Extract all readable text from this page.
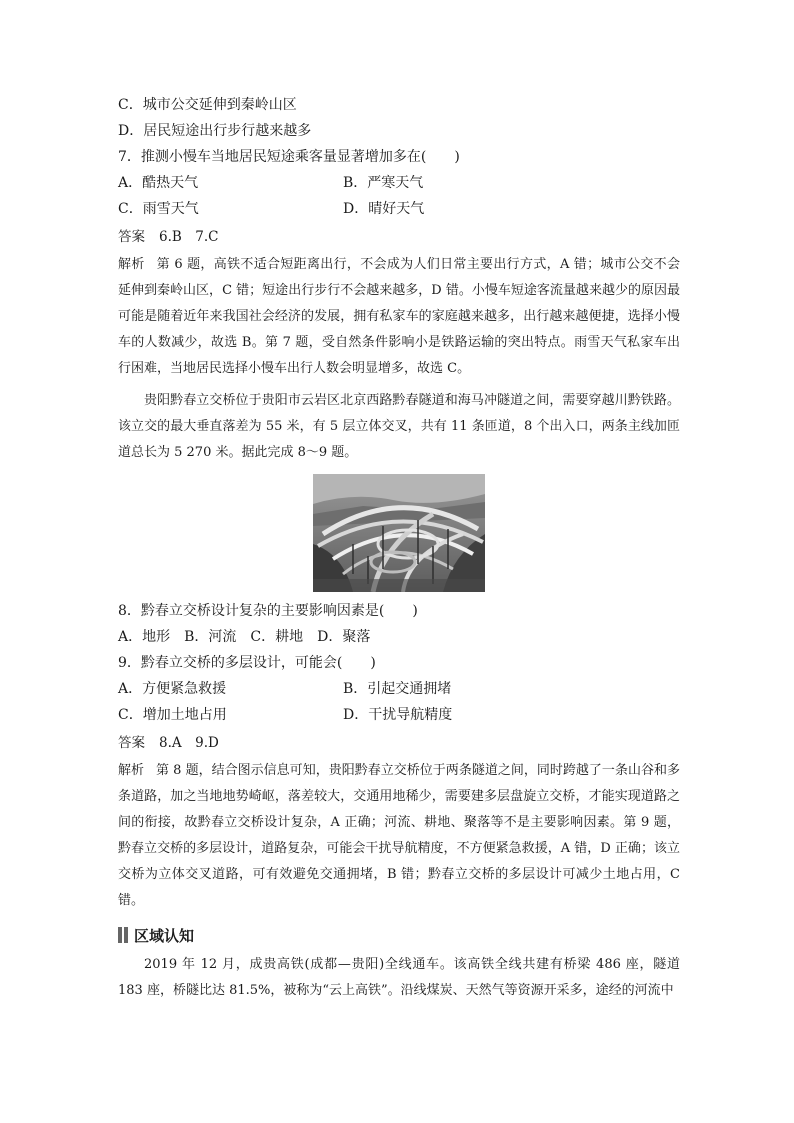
C．城市公交延伸到秦岭山区
D．居民短途出行步行越来越多
7．推测小慢车当地居民短途乘客量显著增加多在(　　)
A．酷热天气	B．严寒天气
C．雨雪天气	D．晴好天气
答案 6.B　7.C
解析 第 6 题，高铁不适合短距离出行，不会成为人们日常主要出行方式，A 错；城市公交不会延伸到秦岭山区，C 错；短途出行步行不会越来越多，D 错。小慢车短途客流量越来越少的原因最可能是随着近年来我国社会经济的发展，拥有私家车的家庭越来越多，出行越来越便捷，选择小慢车的人数减少，故选 B。第 7 题，受自然条件影响小是铁路运输的突出特点。雨雪天气私家车出行困难，当地居民选择小慢车出行人数会明显增多，故选 C。
贵阳黔春立交桥位于贵阳市云岩区北京西路黔春隧道和海马冲隧道之间，需要穿越川黔铁路。该立交的最大垂直落差为 55 米，有 5 层立体交叉，共有 11 条匝道，8 个出入口，两条主线加匝道总长为 5 270 米。据此完成 8～9 题。
8．黔春立交桥设计复杂的主要影响因素是(　　)
A．地形　B．河流　C．耕地　D．聚落
9．黔春立交桥的多层设计，可能会(　　)
A．方便紧急救援	B．引起交通拥堵
C．增加土地占用	D．干扰导航精度
答案 8.A　9.D
解析 第 8 题，结合图示信息可知，贵阳黔春立交桥位于两条隧道之间，同时跨越了一条山谷和多条道路，加之当地地势崎岖，落差较大，交通用地稀少，需要建多层盘旋立交桥，才能实现道路之间的衔接，故黔春立交桥设计复杂，A 正确；河流、耕地、聚落等不是主要影响因素。第 9 题，黔春立交桥的多层设计，道路复杂，可能会干扰导航精度，不方便紧急救援，A 错，D 正确；该立交桥为立体交叉道路，可有效避免交通拥堵，B 错；黔春立交桥的多层设计可减少土地占用，C 错。
区域认知
2019 年 12 月，成贵高铁(成都—贵阳)全线通车。该高铁全线共建有桥梁 486 座，隧道 183 座，桥隧比达 81.5%，被称为“云上高铁”。沿线煤炭、天然气等资源开采多，途经的河流中
